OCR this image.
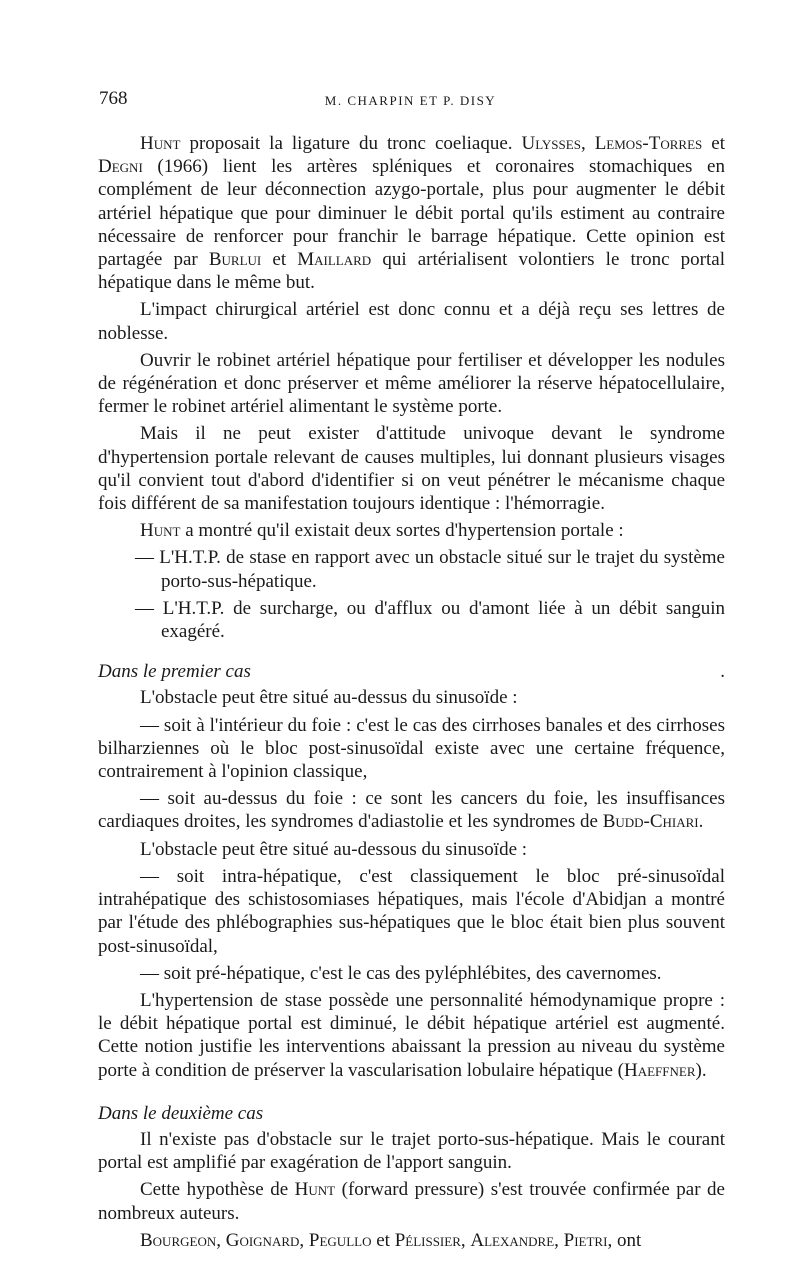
768	M. CHARPIN ET P. DISY

Hunt proposait la ligature du tronc coeliaque. Ulysses, Lemos-Torres et Degni (1966) lient les artères spléniques et coronaires stomachiques en complément de leur déconnection azygo-portale, plus pour augmenter le débit artériel hépatique que pour diminuer le débit portal qu'ils estiment au contraire nécessaire de renforcer pour franchir le barrage hépatique. Cette opinion est partagée par Burlui et Maillard qui artérialisent volontiers le tronc portal hépatique dans le même but.

L'impact chirurgical artériel est donc connu et a déjà reçu ses lettres de noblesse.

Ouvrir le robinet artériel hépatique pour fertiliser et développer les nodules de régénération et donc préserver et même améliorer la réserve hépatocellulaire, fermer le robinet artériel alimentant le système porte.

Mais il ne peut exister d'attitude univoque devant le syndrome d'hypertension portale relevant de causes multiples, lui donnant plusieurs visages qu'il convient tout d'abord d'identifier si on veut pénétrer le mécanisme chaque fois différent de sa manifestation toujours identique : l'hémorragie.

Hunt a montré qu'il existait deux sortes d'hypertension portale :

— L'H.T.P. de stase en rapport avec un obstacle situé sur le trajet du système porto-sus-hépatique.

— L'H.T.P. de surcharge, ou d'afflux ou d'amont liée à un débit sanguin exagéré.

Dans le premier cas	.

L'obstacle peut être situé au-dessus du sinusoïde :

— soit à l'intérieur du foie : c'est le cas des cirrhoses banales et des cirrhoses bilharziennes où le bloc post-sinusoïdal existe avec une certaine fréquence, contrairement à l'opinion classique,

— soit au-dessus du foie : ce sont les cancers du foie, les insuffisances cardiaques droites, les syndromes d'adiastolie et les syndromes de Budd-Chiari.

L'obstacle peut être situé au-dessous du sinusoïde :

— soit intra-hépatique, c'est classiquement le bloc pré-sinusoïdal intrahépatique des schistosomiases hépatiques, mais l'école d'Abidjan a montré par l'étude des phlébographies sus-hépatiques que le bloc était bien plus souvent post-sinusoïdal,

— soit pré-hépatique, c'est le cas des pyléphlébites, des cavernomes.

L'hypertension de stase possède une personnalité hémodynamique propre : le débit hépatique portal est diminué, le débit hépatique artériel est augmenté. Cette notion justifie les interventions abaissant la pression au niveau du système porte à condition de préserver la vascularisation lobulaire hépatique (Haeffner).

Dans le deuxième cas

Il n'existe pas d'obstacle sur le trajet porto-sus-hépatique. Mais le courant portal est amplifié par exagération de l'apport sanguin.

Cette hypothèse de Hunt (forward pressure) s'est trouvée confirmée par de nombreux auteurs.

Bourgeon, Goignard, Pegullo et Pélissier, Alexandre, Pietri, ont
